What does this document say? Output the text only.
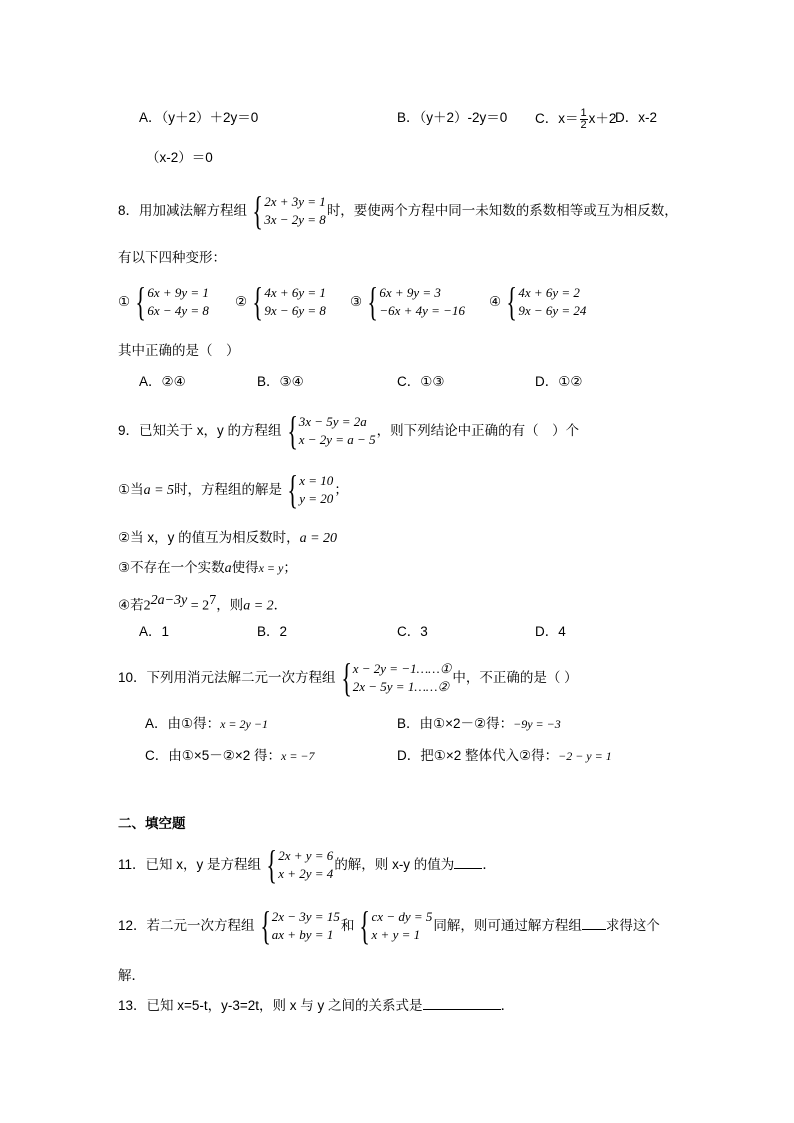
A．（y＋2）＋2y＝0	B．（y＋2）-2y＝0 C．$x= \frac{1}{2} x+2$
D．x-2
（x-2）＝0
8．用加减法解方程组 { 2x + 3y = 1
3x − 2y = 8
时，要使两个方程中同一未知数的系数相等或互为相反数，
有以下四种变形：
① { 6x + 9y = 1
6x − 4y = 8
② { 4x + 6y = 1
9x − 6y = 8
③ { 6x + 9y = 3
−6x + 4y = −16
④ { 4x + 6y = 2
9x − 6y = 24
其中正确的是（　）
A．②④	B．③④	C．①③	D．①②
9．已知关于 x，y 的方程组 { 3x − 5y = 2a
x − 2y = a − 5
，则下列结论中正确的有（　）个
①当a = 5时，方程组的解是 { x = 10
y = 20
；
②当 x，y 的值互为相反数时，a = 20
③不存在一个实数a使得x = y；
④若$2^{2a-3y} = 2^7$，则a = 2．
A．1	B．2	C．3	D．4
10．下列用消元法解二元一次方程组 { x − 2y = −1……①
2x − 5y = 1……②
中，不正确的是（ ）
A．由①得：x = 2y −1	B．由①×2－②得：−9y = −3
C．由①×5－②×2 得：x = −7	D．把①×2 整体代入②得：−2 − y = 1
二、填空题
11．已知 x，y 是方程组 { 2x + y = 6
x + 2y = 4
的解，则 x-y 的值为 ．
12．若二元一次方程组 { 2x − 3y = 15
ax + by = 1
和 { cx − dy = 5
x + y = 1
同解，则可通过解方程组 求得这个
解．
13．已知 x=5-t，y-3=2t，则 x 与 y 之间的关系式是	．
